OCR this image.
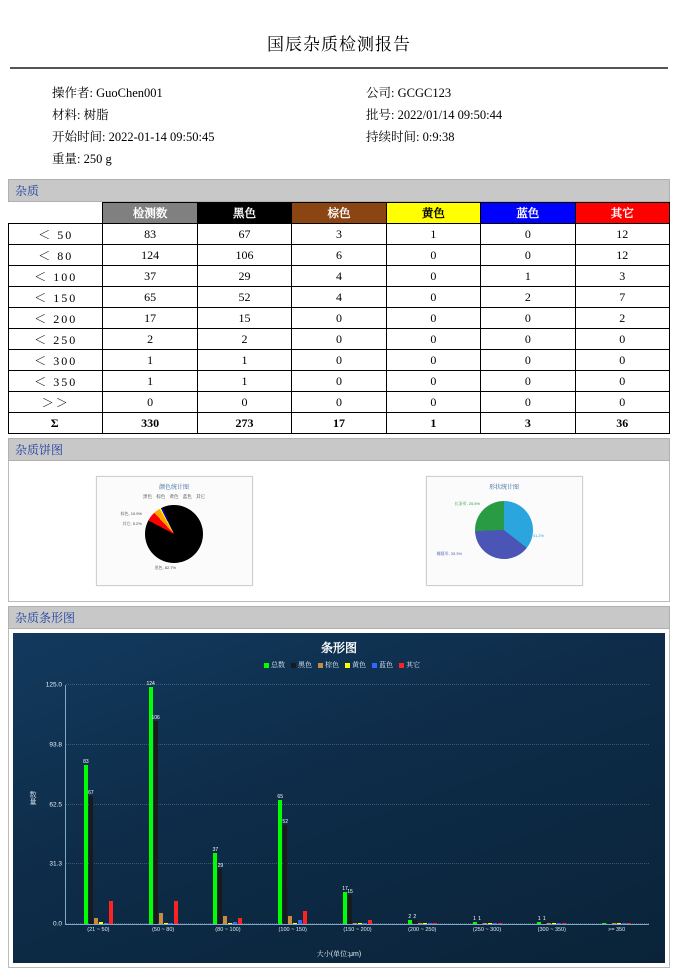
国辰杂质检测报告
操作者: GuoChen001
材料: 树脂
开始时间: 2022-01-14 09:50:45
重量: 250 g
公司: GCGC123
批号: 2022/01/14 09:50:44
持续时间: 0:9:38
杂质
	检测数	黑色	棕色	黄色	蓝色	其它
＜ 50	83	67	3	1	0	12
＜ 80	124	106	6	0	0	12
＜ 100	37	29	4	0	1	3
＜ 150	65	52	4	0	2	7
＜ 200	17	15	0	0	0	2
＜ 250	2	2	0	0	0	0
＜ 300	1	1	0	0	0	0
＜ 350	1	1	0	0	0	0
＞＞	0	0	0	0	0	0
Σ	330	273	17	1	3	36
杂质饼图
颜色统计图
黑色 棕色 黄色 蓝色 其它
黑色, 82.7%
其它, 5.2%
棕色, 10.9%
形状统计图
长条形, 25.5%
圆形, 41.2%
椭圆形, 33.3%
杂质条形图
条形图
总数 黑色 棕色 黄色 蓝色 其它
数量
大小(单位:μm)
0.0
31.3
62.5
93.8
125.0
83
67
(21 ~ 50)
124
106
(50 ~ 80)
37
29
(80 ~ 100)
65
52
(100 ~ 150)
17
15
(150 ~ 200)
2 2
(200 ~ 250)
1 1
(250 ~ 300)
1 1
(300 ~ 350)	>= 350
